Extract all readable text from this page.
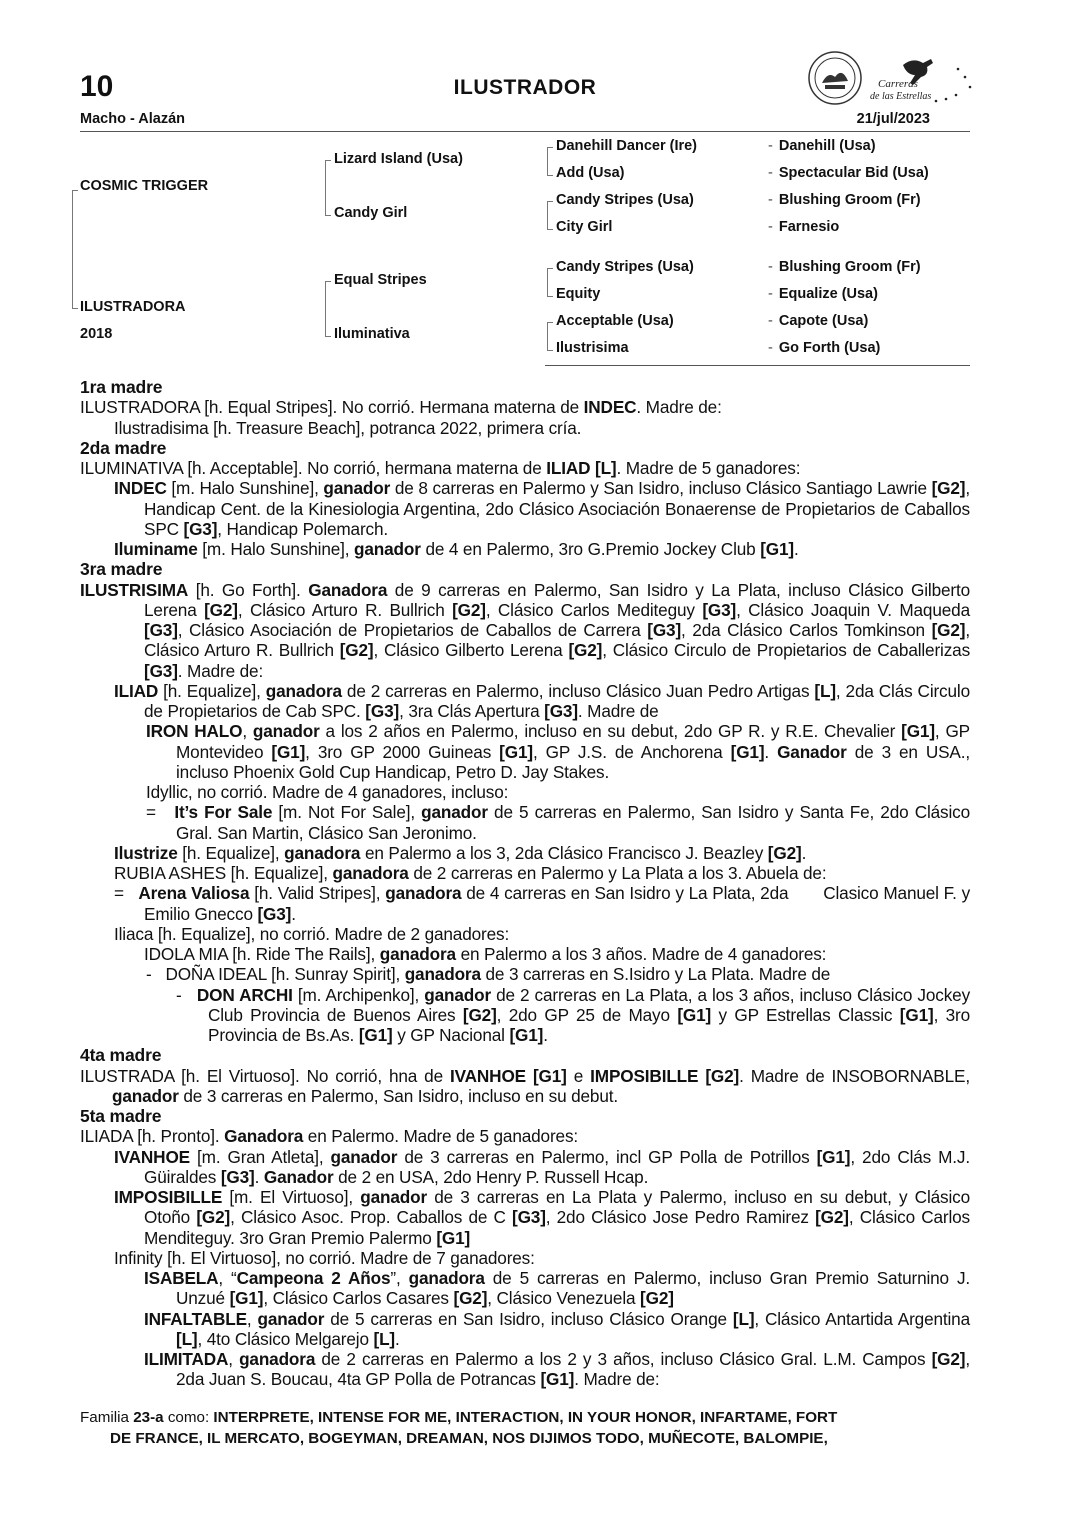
10	ILUSTRADOR
Macho - Alazán	21/jul/2023
Carreras
de las Estrellas
COSMIC TRIGGER
ILUSTRADORA
2018
Lizard Island (Usa)
Candy Girl
Equal Stripes
Iluminativa
Danehill Dancer (Ire)
Add (Usa)
Candy Stripes (Usa)
City Girl
Candy Stripes (Usa)
Equity
Acceptable (Usa)
Ilustrisima
- Danehill (Usa)
- Spectacular Bid (Usa)
- Blushing Groom (Fr)
- Farnesio
- Blushing Groom (Fr)
- Equalize (Usa)
- Capote (Usa)
- Go Forth (Usa)

1ra madre

ILUSTRADORA [h. Equal Stripes]. No corrió. Hermana materna de INDEC. Madre de:

Ilustradisima [h. Treasure Beach], potranca 2022, primera cría.

2da madre

ILUMINATIVA [h. Acceptable]. No corrió, hermana materna de ILIAD [L]. Madre de 5 ganadores:

INDEC [m. Halo Sunshine], ganador de 8 carreras en Palermo y San Isidro, incluso Clásico Santiago Lawrie [G2], Handicap Cent. de la Kinesiologia Argentina, 2do Clásico Asociación Bonaerense de Propietarios de Caballos SPC [G3], Handicap Polemarch.

Iluminame [m. Halo Sunshine], ganador de 4 en Palermo, 3ro G.Premio Jockey Club [G1].

3ra madre

ILUSTRISIMA [h. Go Forth]. Ganadora de 9 carreras en Palermo, San Isidro y La Plata, incluso Clásico Gilberto Lerena [G2], Clásico Arturo R. Bullrich [G2], Clásico Carlos Mediteguy [G3], Clásico Joaquin V. Maqueda [G3], Clásico Asociación de Propietarios de Caballos de Carrera [G3], 2da Clásico Carlos Tomkinson [G2], Clásico Arturo R. Bullrich [G2], Clásico Gilberto Lerena [G2], Clásico Circulo de Propietarios de Caballerizas [G3]. Madre de:

ILIAD [h. Equalize], ganadora de 2 carreras en Palermo, incluso Clásico Juan Pedro Artigas [L], 2da Clás Circulo de Propietarios de Cab SPC. [G3], 3ra Clás Apertura [G3]. Madre de

IRON HALO, ganador a los 2 años en Palermo, incluso en su debut, 2do GP R. y R.E. Chevalier [G1], GP Montevideo [G1], 3ro GP 2000 Guineas [G1], GP J.S. de Anchorena [G1]. Ganador de 3 en USA., incluso Phoenix Gold Cup Handicap, Petro D. Jay Stakes.

Idyllic, no corrió. Madre de 4 ganadores, incluso:

=   It’s For Sale [m. Not For Sale], ganador de 5 carreras en Palermo, San Isidro y Santa Fe, 2do Clásico Gral. San Martin, Clásico San Jeronimo.

Ilustrize [h. Equalize], ganadora en Palermo a los 3, 2da Clásico Francisco J. Beazley [G2].

RUBIA ASHES [h. Equalize], ganadora de 2 carreras en Palermo y La Plata a los 3. Abuela de:

=   Arena Valiosa [h. Valid Stripes], ganadora de 4 carreras en San Isidro y La Plata, 2da Clasico Manuel F. y Emilio Gnecco [G3].

Iliaca [h. Equalize], no corrió. Madre de 2 ganadores:

IDOLA MIA [h. Ride The Rails], ganadora en Palermo a los 3 años. Madre de 4 ganadores:

-   DOÑA IDEAL [h. Sunray Spirit], ganadora de 3 carreras en S.Isidro y La Plata. Madre de

-   DON ARCHI [m. Archipenko], ganador de 2 carreras en La Plata, a los 3 años, incluso Clásico Jockey Club Provincia de Buenos Aires [G2], 2do GP 25 de Mayo [G1] y GP Estrellas Classic [G1], 3ro Provincia de Bs.As. [G1] y GP Nacional [G1].

4ta madre

ILUSTRADA [h. El Virtuoso]. No corrió, hna de IVANHOE [G1] e IMPOSIBILLE [G2]. Madre de INSOBORNABLE, ganador de 3 carreras en Palermo, San Isidro, incluso en su debut.

5ta madre

ILIADA [h. Pronto]. Ganadora en Palermo. Madre de 5 ganadores:

IVANHOE [m. Gran Atleta], ganador de 3 carreras en Palermo, incl GP Polla de Potrillos [G1], 2do Clás M.J. Güiraldes [G3]. Ganador de 2 en USA, 2do Henry P. Russell Hcap.

IMPOSIBILLE [m. El Virtuoso], ganador de 3 carreras en La Plata y Palermo, incluso en su debut, y Clásico Otoño [G2], Clásico Asoc. Prop. Caballos de C [G3], 2do Clásico Jose Pedro Ramirez [G2], Clásico Carlos Menditeguy. 3ro Gran Premio Palermo [G1]

Infinity [h. El Virtuoso], no corrió. Madre de 7 ganadores:

ISABELA, “Campeona 2 Años”, ganadora de 5 carreras en Palermo, incluso Gran Premio Saturnino J. Unzué [G1], Clásico Carlos Casares [G2], Clásico Venezuela [G2]

INFALTABLE, ganador de 5 carreras en San Isidro, incluso Clásico Orange [L], Clásico Antartida Argentina [L], 4to Clásico Melgarejo [L].

ILIMITADA, ganadora de 2 carreras en Palermo a los 2 y 3 años, incluso Clásico Gral. L.M. Campos [G2], 2da Juan S. Boucau, 4ta GP Polla de Potrancas [G1]. Madre de:

Familia 23-a como: INTERPRETE, INTENSE FOR ME, INTERACTION, IN YOUR HONOR, INFARTAME, FORT

DE FRANCE, IL MERCATO, BOGEYMAN, DREAMAN, NOS DIJIMOS TODO, MUÑECOTE, BALOMPIE,
